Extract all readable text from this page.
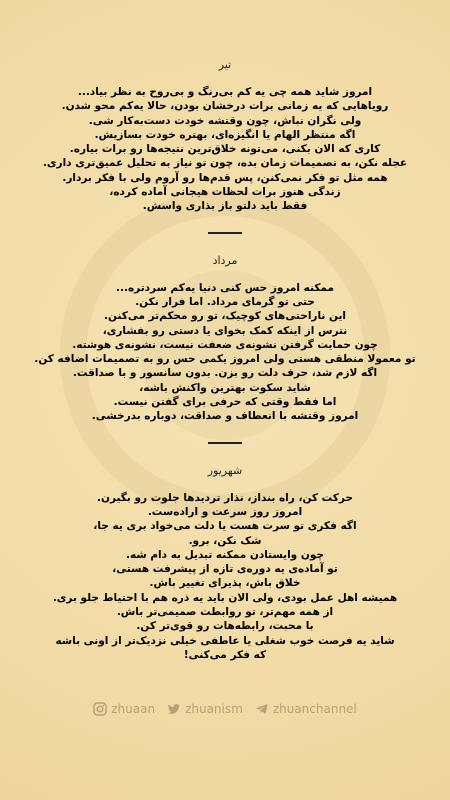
تیر

امروز شاید همه چی یه کم بی‌رنگ و بی‌روح به نظر بیاد...

رویاهایی که یه زمانی برات درخشان بودن، حالا یه‌کم محو شدن.

ولی نگران نباش، چون وقتشه خودت دست‌به‌کار شی.

اگه منتظر الهام یا انگیزه‌ای، بهتره خودت بسازیش.

کاری که الان بکنی، می‌تونه خلاق‌ترین نتیجه‌ها رو برات بیاره.

عجله نکن، به تصمیمات زمان بده، چون تو نیاز به تحلیل عمیق‌تری داری.

همه مثل تو فکر نمی‌کنن، پس قدم‌ها رو آروم ولی با فکر بردار.

زندگی هنوز برات لحظات هیجانی آماده کرده،

فقط باید دلتو باز بذاری واسش.

مرداد

ممکنه امروز حس کنی دنیا یه‌کم سردتره...

حتی تو گرمای مرداد. اما فرار نکن.

این ناراحتی‌های کوچیک، تو رو محکم‌تر می‌کنن.

نترس از اینکه کمک بخوای یا دستی رو بفشاری،

چون حمایت گرفتن نشونه‌ی ضعفت نیست، نشونه‌ی هوشته.

تو معمولا منطقی هستی ولی امروز یکمی حس رو به تصمیمات اضافه کن.

اگه لازم شد، حرف دلت رو بزن. بدون سانسور و با صداقت.

شاید سکوت بهترین واکنش باشه،

اما فقط وقتی که حرفی برای گفتن نیست.

امروز وقتشه با انعطاف و صداقت، دوباره بدرخشی.

شهریور

حرکت کن، راه بنداز، نذار تردیدها جلوت رو بگیرن.

امروز روز سرعت و اراده‌ست.

اگه فکری تو سرت هست یا دلت می‌خواد بری یه جا،

شک نکن، برو.

چون وایستادن ممکنه تبدیل به دام شه.

تو آماده‌ی یه دوره‌ی تازه از پیشرفت هستی،

خلاق باش، پذیرای تغییر باش.

همیشه اهل عمل بودی، ولی الان باید یه ذره هم با احتیاط جلو بری.

از همه مهم‌تر، تو روابطت صمیمی‌تر باش.

با محبت، رابطه‌هات رو قوی‌تر کن.

شاید یه فرصت خوب شغلی یا عاطفی خیلی نزدیک‌تر از اونی باشه

که فکر می‌کنی!

zhuaan	zhuanism	zhuanchannel
